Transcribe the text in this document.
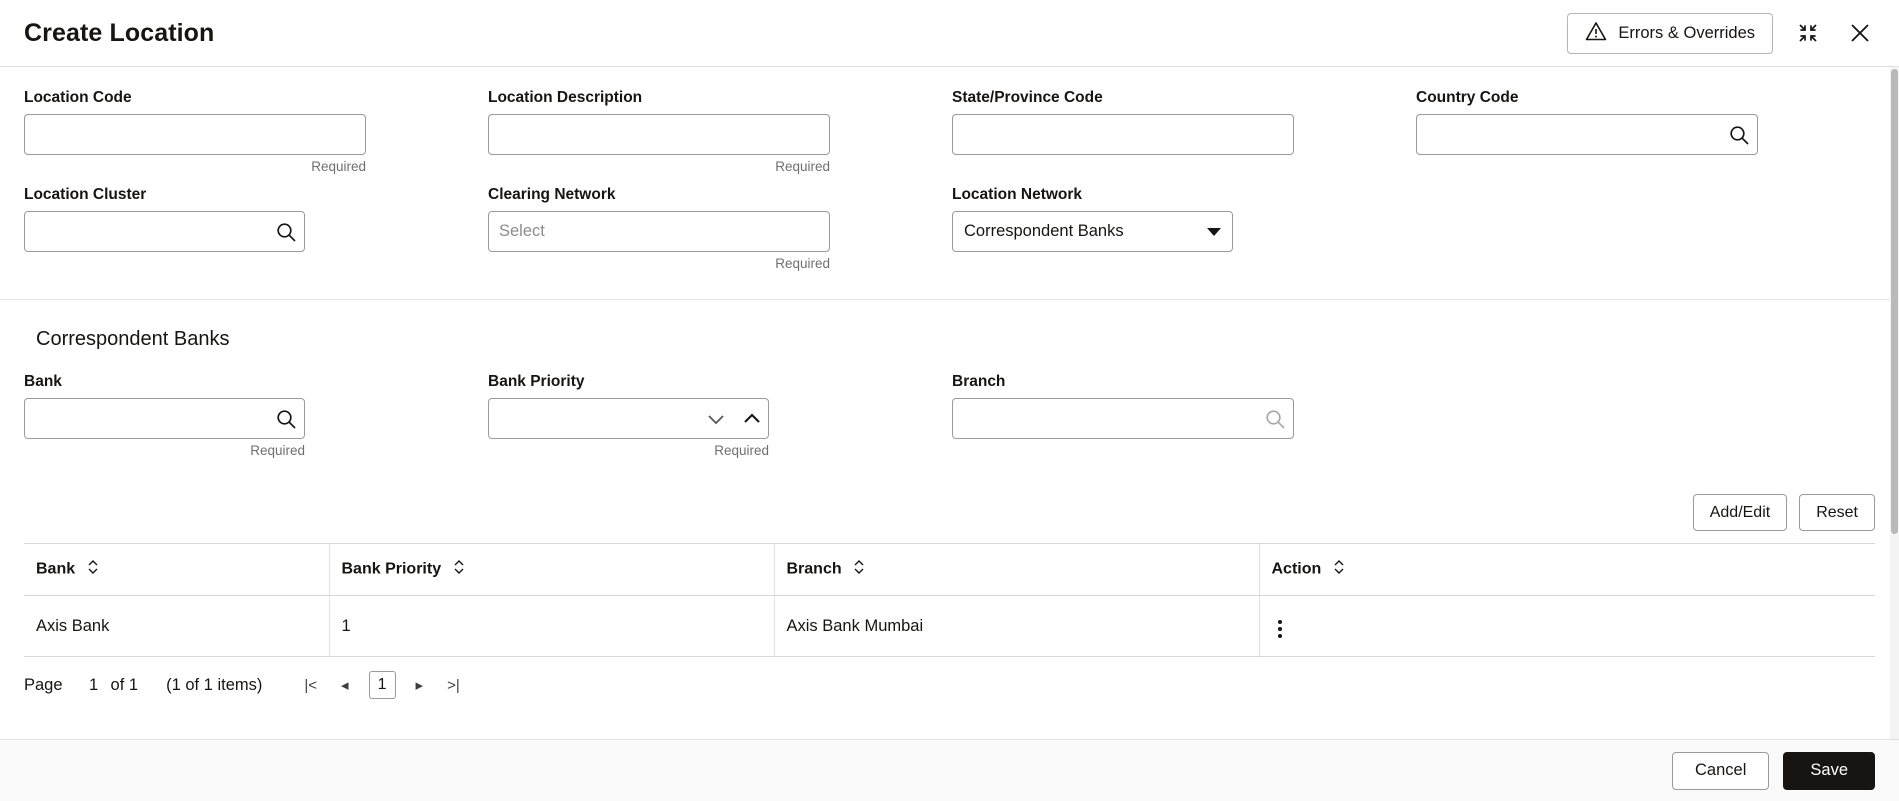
Create Location	Errors & Overrides
Location Code
Required
Location Description
Required
State/Province Code	Country Code
Location Cluster	Clearing Network
Select
Required
Location Network
Correspondent Banks
Correspondent Banks
Bank
Required
Bank Priority
Required
Branch
Add/Edit	Reset
Bank	Bank Priority	Branch	Action
Axis Bank	1	Axis Bank Mumbai	
Page
1	of 1 (1 of 1 items)	|< ◂	1	▸ >|
Cancel	Save
